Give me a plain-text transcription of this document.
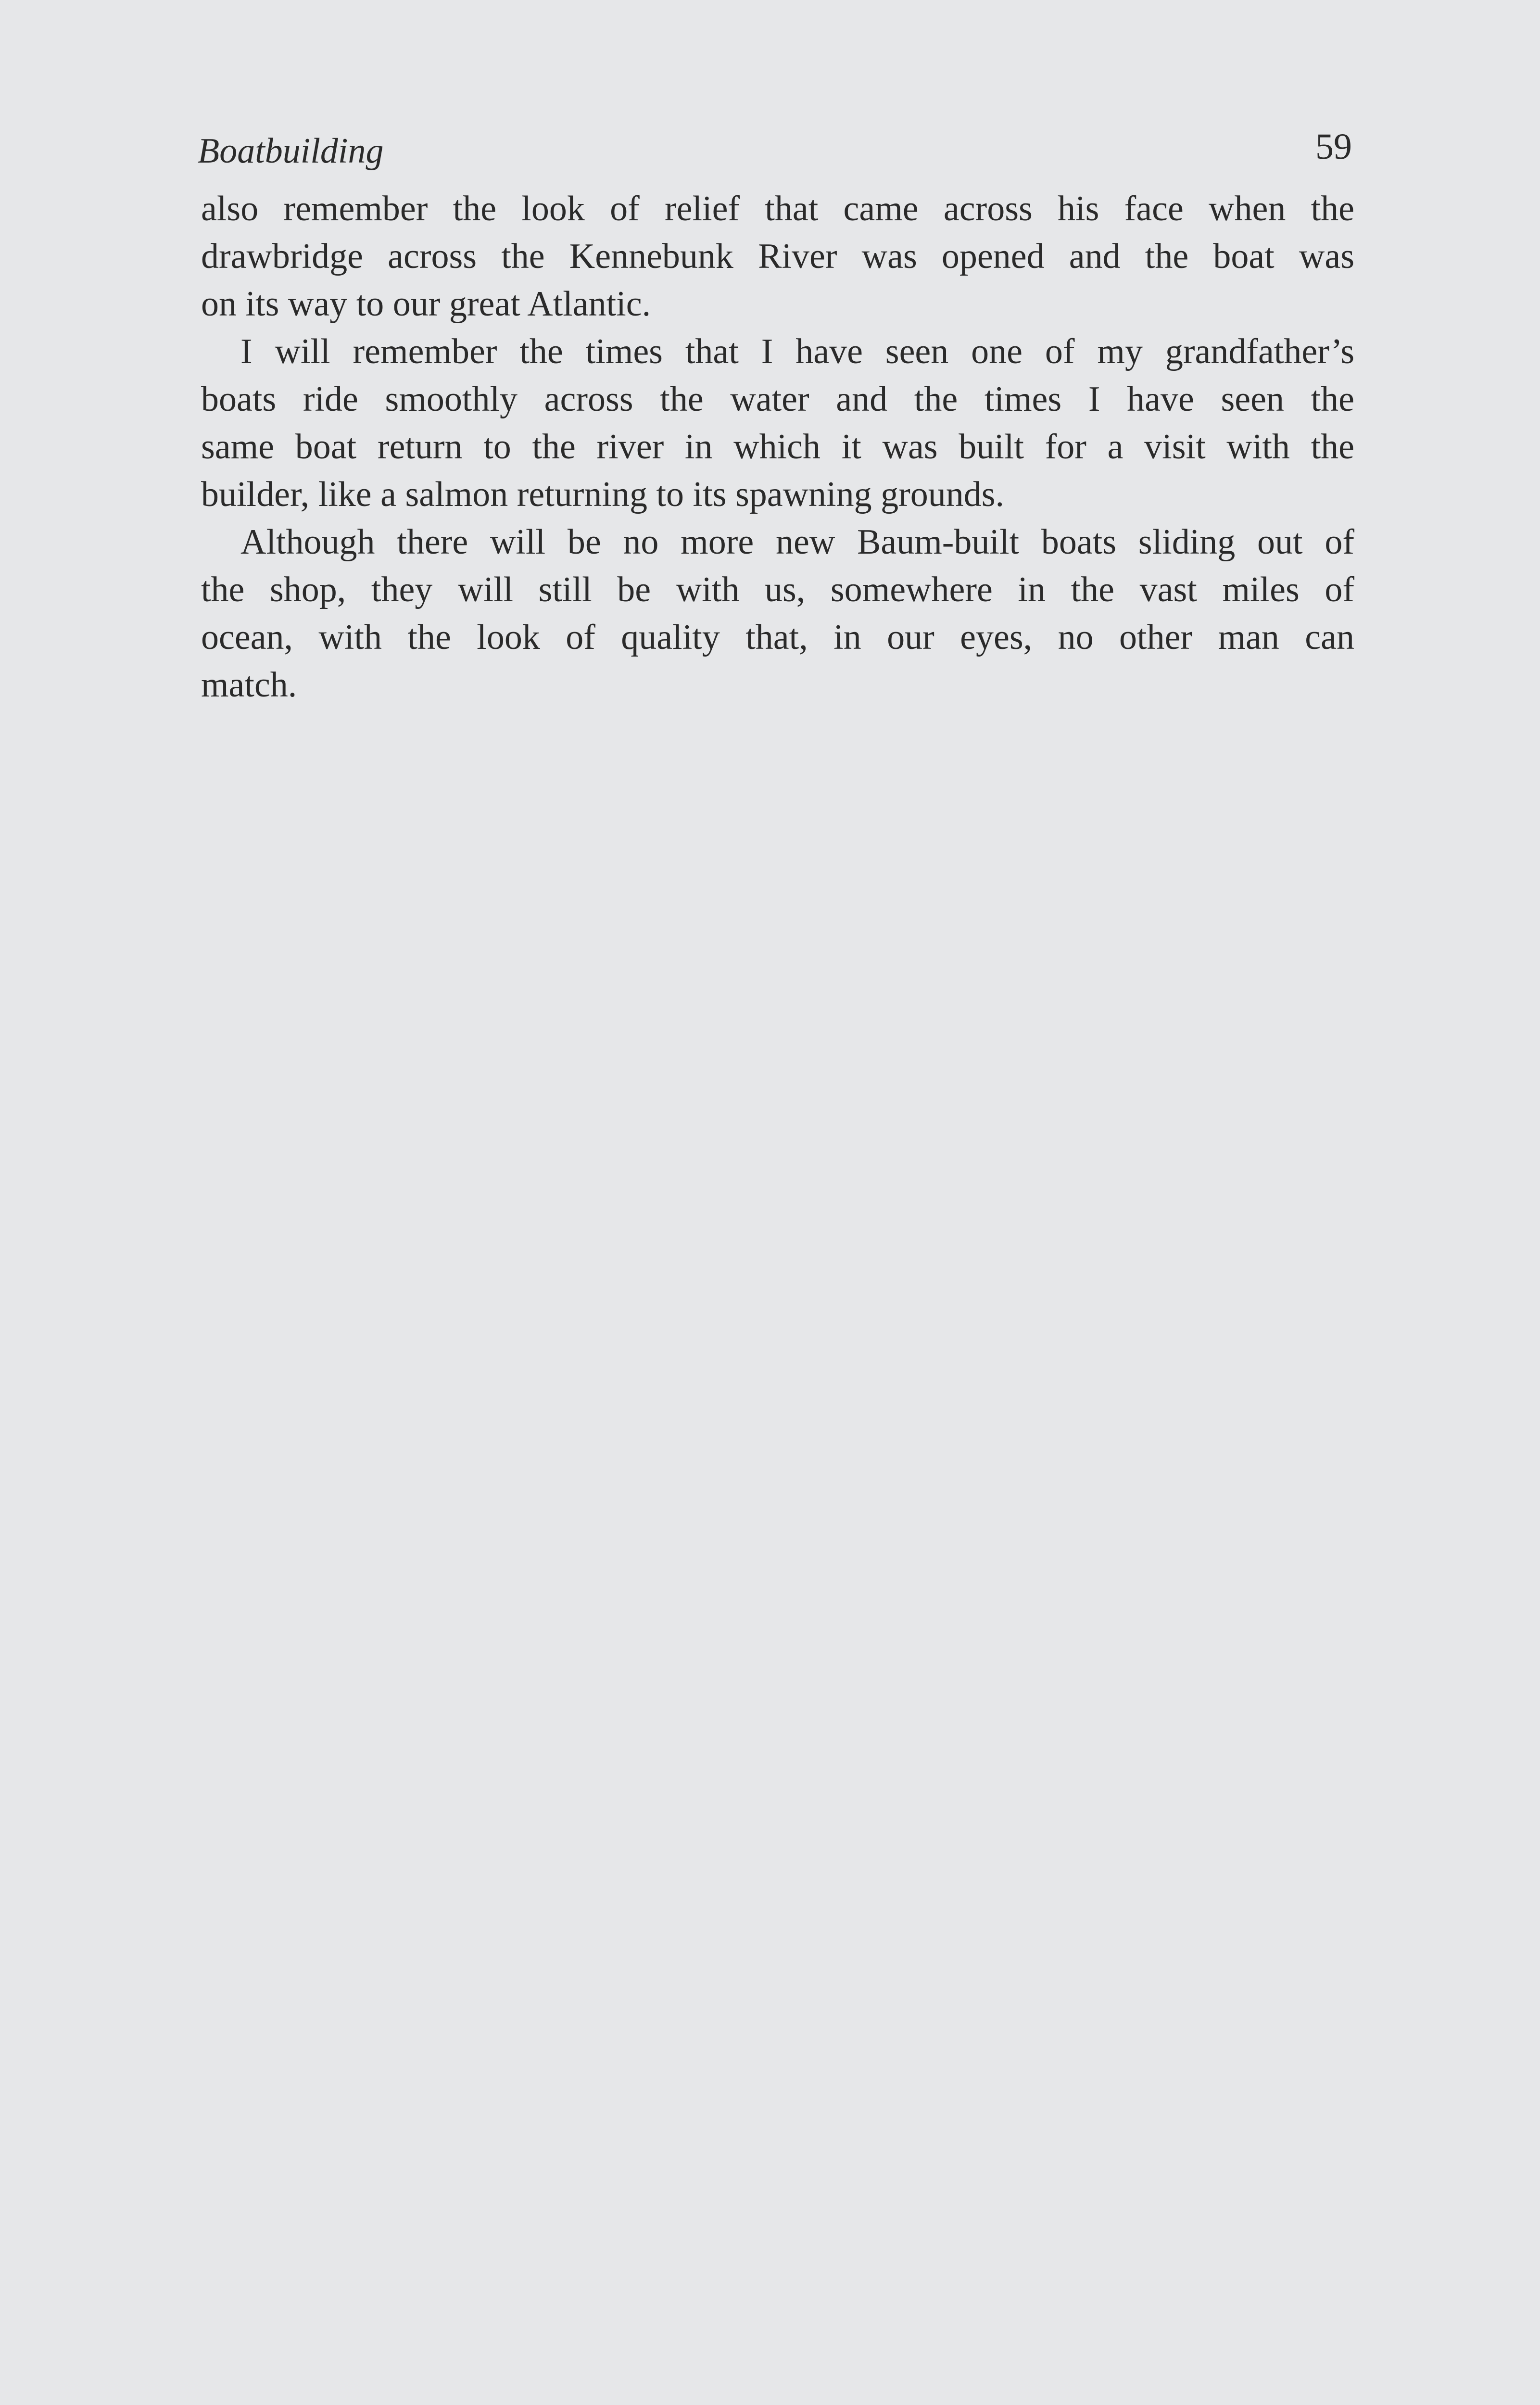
Boatbuilding	59
also remember the look of relief that came across his face when the
drawbridge across the Kennebunk River was opened and the boat was
on its way to our great Atlantic.
I will remember the times that I have seen one of my grandfather’s
boats ride smoothly across the water and the times I have seen the
same boat return to the river in which it was built for a visit with the
builder, like a salmon returning to its spawning grounds.
Although there will be no more new Baum-built boats sliding out of
the shop, they will still be with us, somewhere in the vast miles of
ocean, with the look of quality that, in our eyes, no other man can
match.
